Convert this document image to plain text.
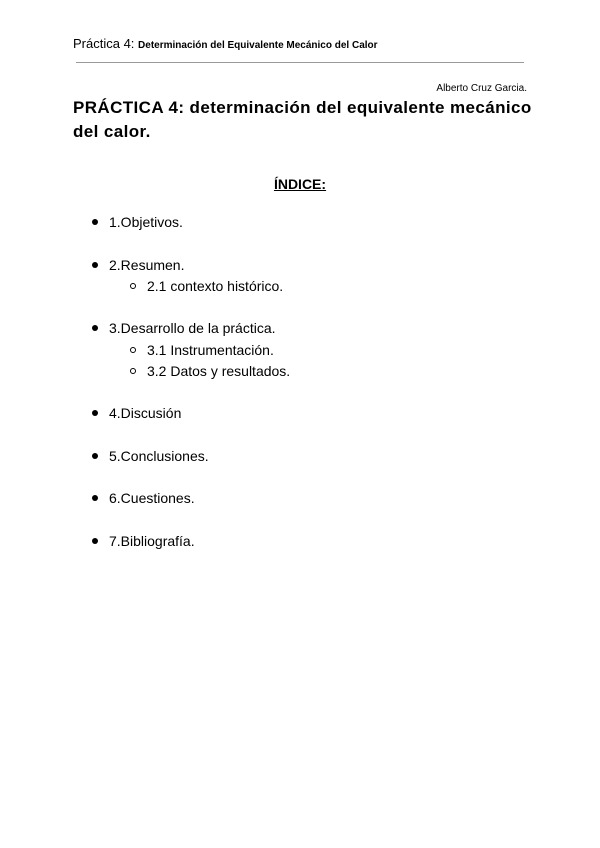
Práctica 4: Determinación del Equivalente Mecánico del Calor
Alberto Cruz Garcia.
PRÁCTICA 4: determinación del equivalente mecánico del calor.
ÍNDICE:
1.Objetivos.
2.Resumen.
2.1 contexto histórico.
3.Desarrollo de la práctica.
3.1 Instrumentación.
3.2 Datos y resultados.
4.Discusión
5.Conclusiones.
6.Cuestiones.
7.Bibliografía.
